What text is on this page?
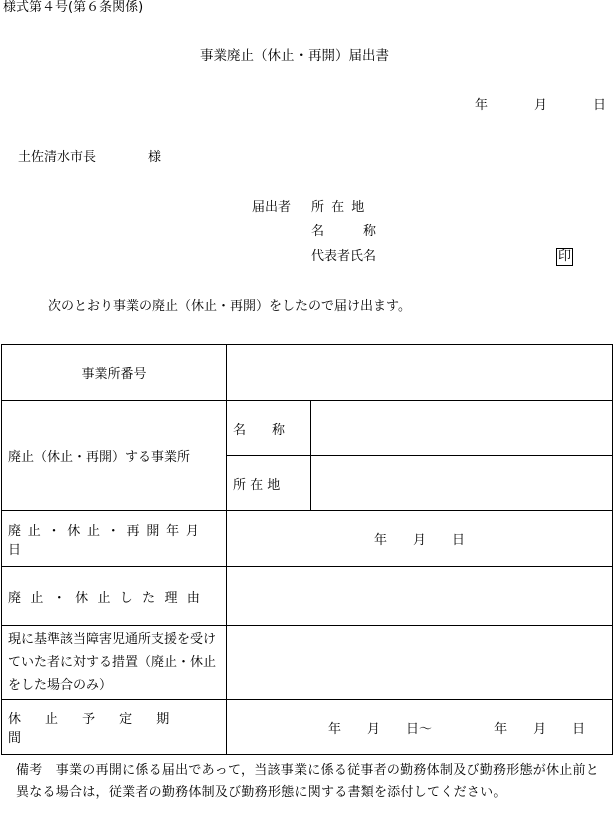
様式第４号(第６条関係)
事業廃止（休止・再開）届出書
年	月	日
土佐清水市長	様
届出者 所 在 地
名　　　称
代表者氏名	印
次のとおり事業の廃止（休止・再開）をしたので届け出ます。
事業所番号		
廃止（休止・再開）する事業所	名　　称	
	所 在 地	
廃止・休止・再開年月日	年　　月　　日	
廃止・休止した理由		
現に基準該当障害児通所支援を受けていた者に対する措置（廃止・休止をした場合のみ）		
休止予定期間	年　　月　　日～ 年　　月　　日	
備考　事業の再開に係る届出であって，当該事業に係る従事者の勤務体制及び勤務形態が休止前と異なる場合は，従業者の勤務体制及び勤務形態に関する書類を添付してください。
